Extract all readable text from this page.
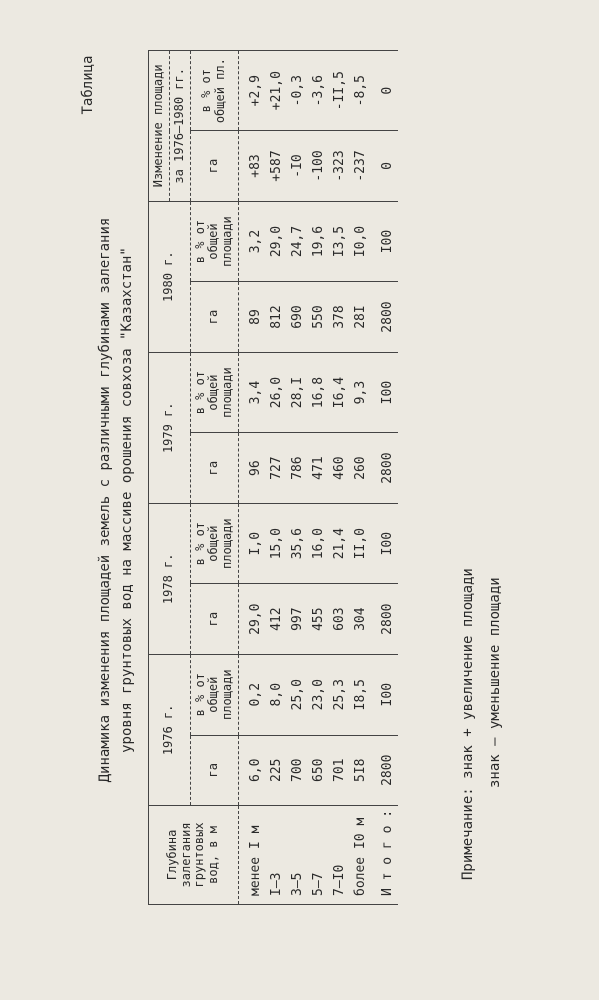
Таблица
Динамика изменения площадей земель с различными глубинами залегания уровня грунтовых вод на массиве орошения совхоза "Казахстан"
Глубина залегания грунтовых вод, в м	1976 г.		1978 г.		1979 г.		1980 г.		Изменение площади	
									за 1976–1980 гг.	
	га	в % от общей площади	га	в % от общей площади	га	в % от общей площади	га	в % от общей площади	га	в % от общей пл.
менее I м	6,0	0,2	29,0	I,0	96	3,4	89	3,2	+83	+2,9
I–3	225	8,0	412	15,0	727	26,0	812	29,0	+587	+21,0
3–5	700	25,0	997	35,6	786	28,I	690	24,7	-I0	-0,3
5–7	650	23,0	455	16,0	471	16,8	550	19,6	-100	-3,6
7–I0	701	25,3	603	21,4	460	I6,4	378	I3,5	-323	-II,5
более I0 м	5I8	I8,5	304	II,0	260	9,3	28I	I0,0	-237	-8,5
И т о г о :	2800	I00	2800	I00	2800	I00	2800	I00	0	0
Примечание: знак + увеличение площади знак – уменьшение площади
